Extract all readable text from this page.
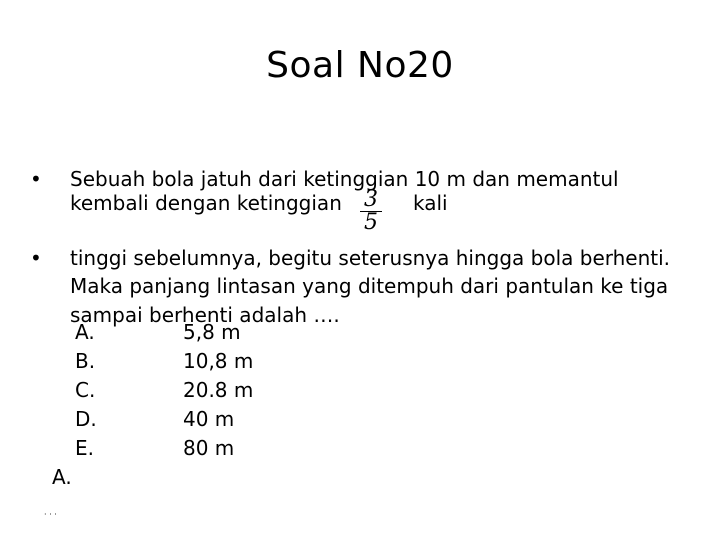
Soal No20
• Sebuah bola jatuh dari ketinggian 10 m dan memantul
kembali dengan ketinggian	kali
3
5
• tinggi sebelumnya, begitu seterusnya hingga bola berhenti.
Maka panjang lintasan yang ditempuh dari pantulan ke tiga
sampai berhenti adalah ….
A.	5,8 m
B.	10,8 m
C.	20.8 m
D.	40 m
E.	80 m
A.
· · ·
